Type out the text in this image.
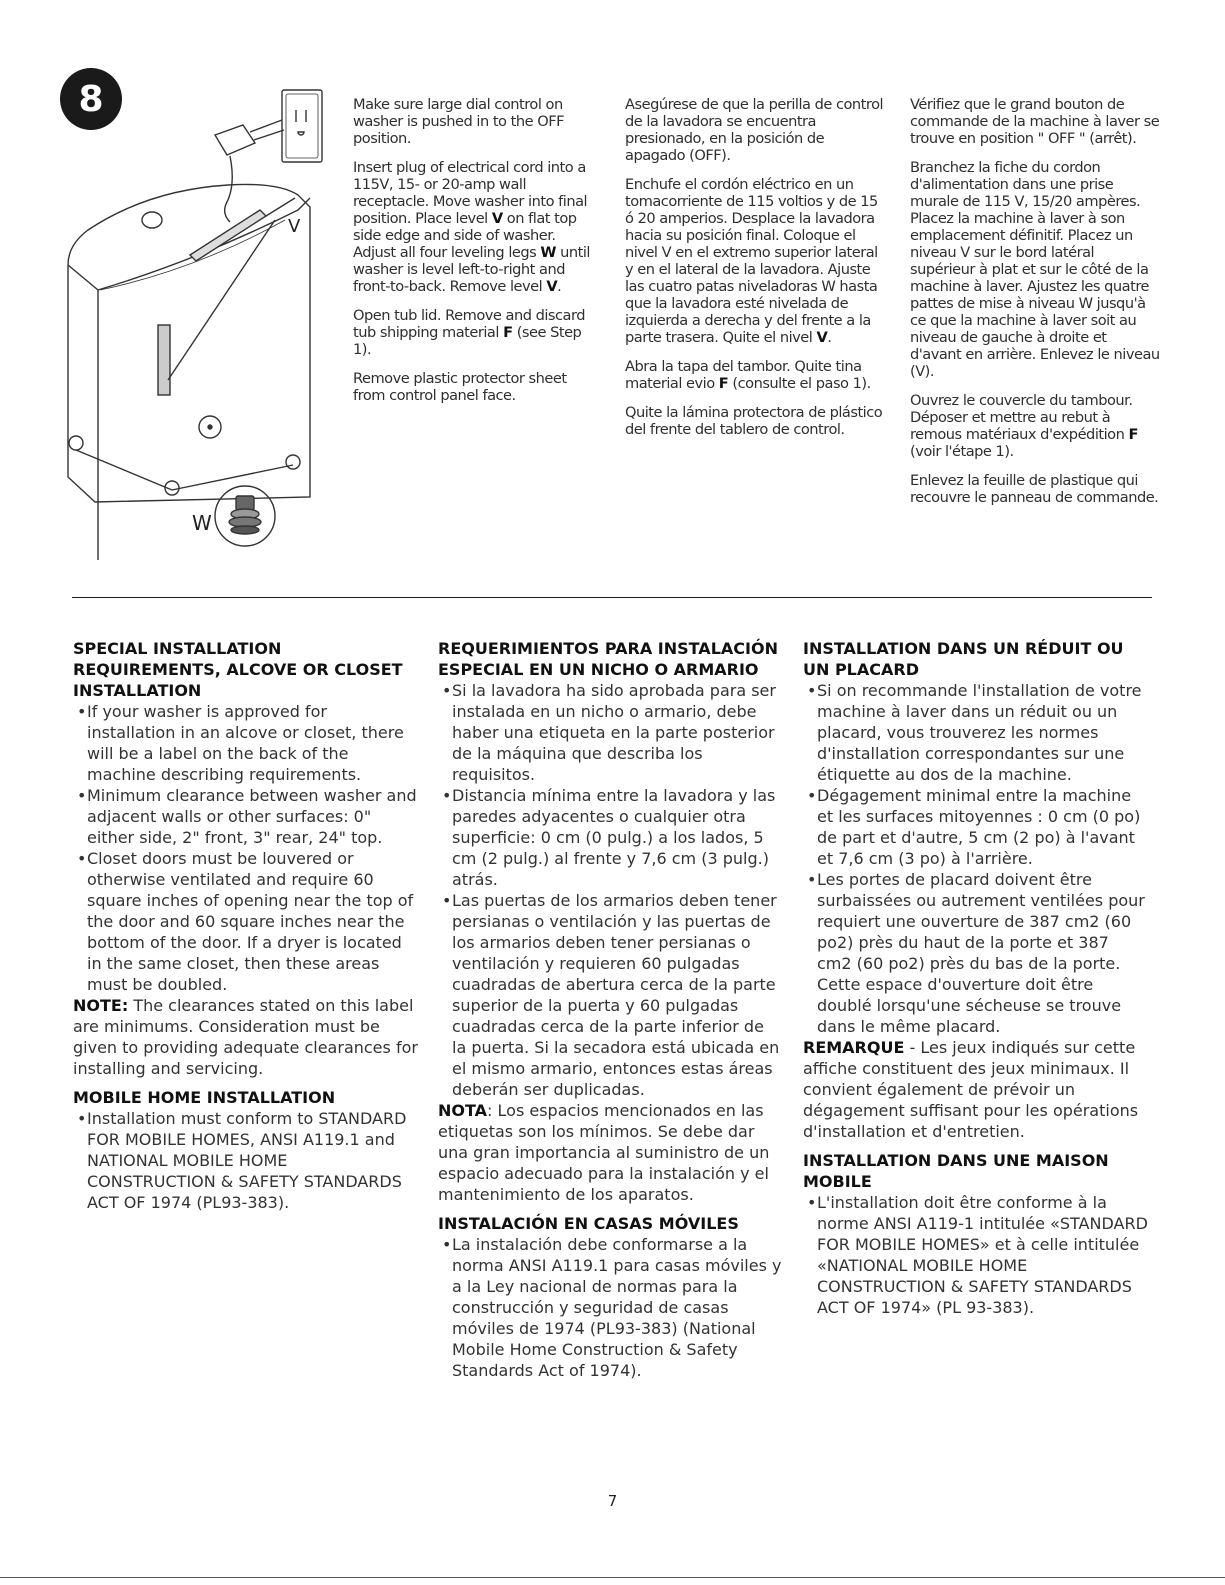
8
V
W

Make sure large dial control on washer is pushed in to the OFF position.

Insert plug of electrical cord into a 115V, 15- or 20-amp wall receptacle. Move washer into final position. Place level V on flat top side edge and side of washer. Adjust all four leveling legs W until washer is level left-to-right and front-to-back. Remove level V.

Open tub lid. Remove and discard tub shipping material F (see Step 1).

Remove plastic protector sheet from control panel face.

Asegúrese de que la perilla de control de la lavadora se encuentra presionado, en la posición de apagado (OFF).

Enchufe el cordón eléctrico en un tomacorriente de 115 voltios y de 15 ó 20 amperios. Desplace la lavadora hacia su posición final. Coloque el nivel V en el extremo superior lateral y en el lateral de la lavadora. Ajuste las cuatro patas niveladoras W hasta que la lavadora esté nivelada de izquierda a derecha y del frente a la parte trasera. Quite el nivel V.

Abra la tapa del tambor. Quite tina material evio F (consulte el paso 1).

Quite la lámina protectora de plástico del frente del tablero de control.

Vérifiez que le grand bouton de commande de la machine à laver se trouve en position " OFF " (arrêt).

Branchez la fiche du cordon d'alimentation dans une prise murale de 115 V, 15/20 ampères. Placez la machine à laver à son emplacement définitif. Placez un niveau V sur le bord latéral supérieur à plat et sur le côté de la machine à laver. Ajustez les quatre pattes de mise à niveau W jusqu'à ce que la machine à laver soit au niveau de gauche à droite et d'avant en arrière. Enlevez le niveau (V).

Ouvrez le couvercle du tambour. Déposer et mettre au rebut à remous matériaux d'expédition F (voir l'étape 1).

Enlevez la feuille de plastique qui recouvre le panneau de commande.

SPECIAL INSTALLATION REQUIREMENTS, ALCOVE OR CLOSET INSTALLATION

• If your washer is approved for installation in an alcove or closet, there will be a label on the back of the machine describing requirements.

• Minimum clearance between washer and adjacent walls or other surfaces: 0" either side, 2" front, 3" rear, 24" top.

• Closet doors must be louvered or otherwise ventilated and require 60 square inches of opening near the top of the door and 60 square inches near the bottom of the door. If a dryer is located in the same closet, then these areas must be doubled.

NOTE: The clearances stated on this label are minimums. Consideration must be given to providing adequate clearances for installing and servicing.

MOBILE HOME INSTALLATION

• Installation must conform to STANDARD FOR MOBILE HOMES, ANSI A119.1 and NATIONAL MOBILE HOME CONSTRUCTION & SAFETY STANDARDS ACT OF 1974 (PL93-383).

REQUERIMIENTOS PARA INSTALACIÓN ESPECIAL EN UN NICHO O ARMARIO

• Si la lavadora ha sido aprobada para ser instalada en un nicho o armario, debe haber una etiqueta en la parte posterior de la máquina que describa los requisitos.

• Distancia mínima entre la lavadora y las paredes adyacentes o cualquier otra superficie: 0 cm (0 pulg.) a los lados, 5 cm (2 pulg.) al frente y 7,6 cm (3 pulg.) atrás.

• Las puertas de los armarios deben tener persianas o ventilación y las puertas de los armarios deben tener persianas o ventilación y requieren 60 pulgadas cuadradas de abertura cerca de la parte superior de la puerta y 60 pulgadas cuadradas cerca de la parte inferior de la puerta. Si la secadora está ubicada en el mismo armario, entonces estas áreas deberán ser duplicadas.

NOTA: Los espacios mencionados en las etiquetas son los mínimos. Se debe dar una gran importancia al suministro de un espacio adecuado para la instalación y el mantenimiento de los aparatos.

INSTALACIÓN EN CASAS MÓVILES

• La instalación debe conformarse a la norma ANSI A119.1 para casas móviles y a la Ley nacional de normas para la construcción y seguridad de casas móviles de 1974 (PL93-383) (National Mobile Home Construction & Safety Standards Act of 1974).

INSTALLATION DANS UN RÉDUIT OU UN PLACARD

• Si on recommande l'installation de votre machine à laver dans un réduit ou un placard, vous trouverez les normes d'installation correspondantes sur une étiquette au dos de la machine.

• Dégagement minimal entre la machine et les surfaces mitoyennes : 0 cm (0 po) de part et d'autre, 5 cm (2 po) à l'avant et 7,6 cm (3 po) à l'arrière.

• Les portes de placard doivent être surbaissées ou autrement ventilées pour requiert une ouverture de 387 cm2 (60 po2) près du haut de la porte et 387 cm2 (60 po2) près du bas de la porte. Cette espace d'ouverture doit être doublé lorsqu'une sécheuse se trouve dans le même placard.

REMARQUE - Les jeux indiqués sur cette affiche constituent des jeux minimaux. Il convient également de prévoir un dégagement suffisant pour les opérations d'installation et d'entretien.

INSTALLATION DANS UNE MAISON MOBILE

• L'installation doit être conforme à la norme ANSI A119-1 intitulée «STANDARD FOR MOBILE HOMES» et à celle intitulée «NATIONAL MOBILE HOME CONSTRUCTION & SAFETY STANDARDS ACT OF 1974» (PL 93-383).

7
